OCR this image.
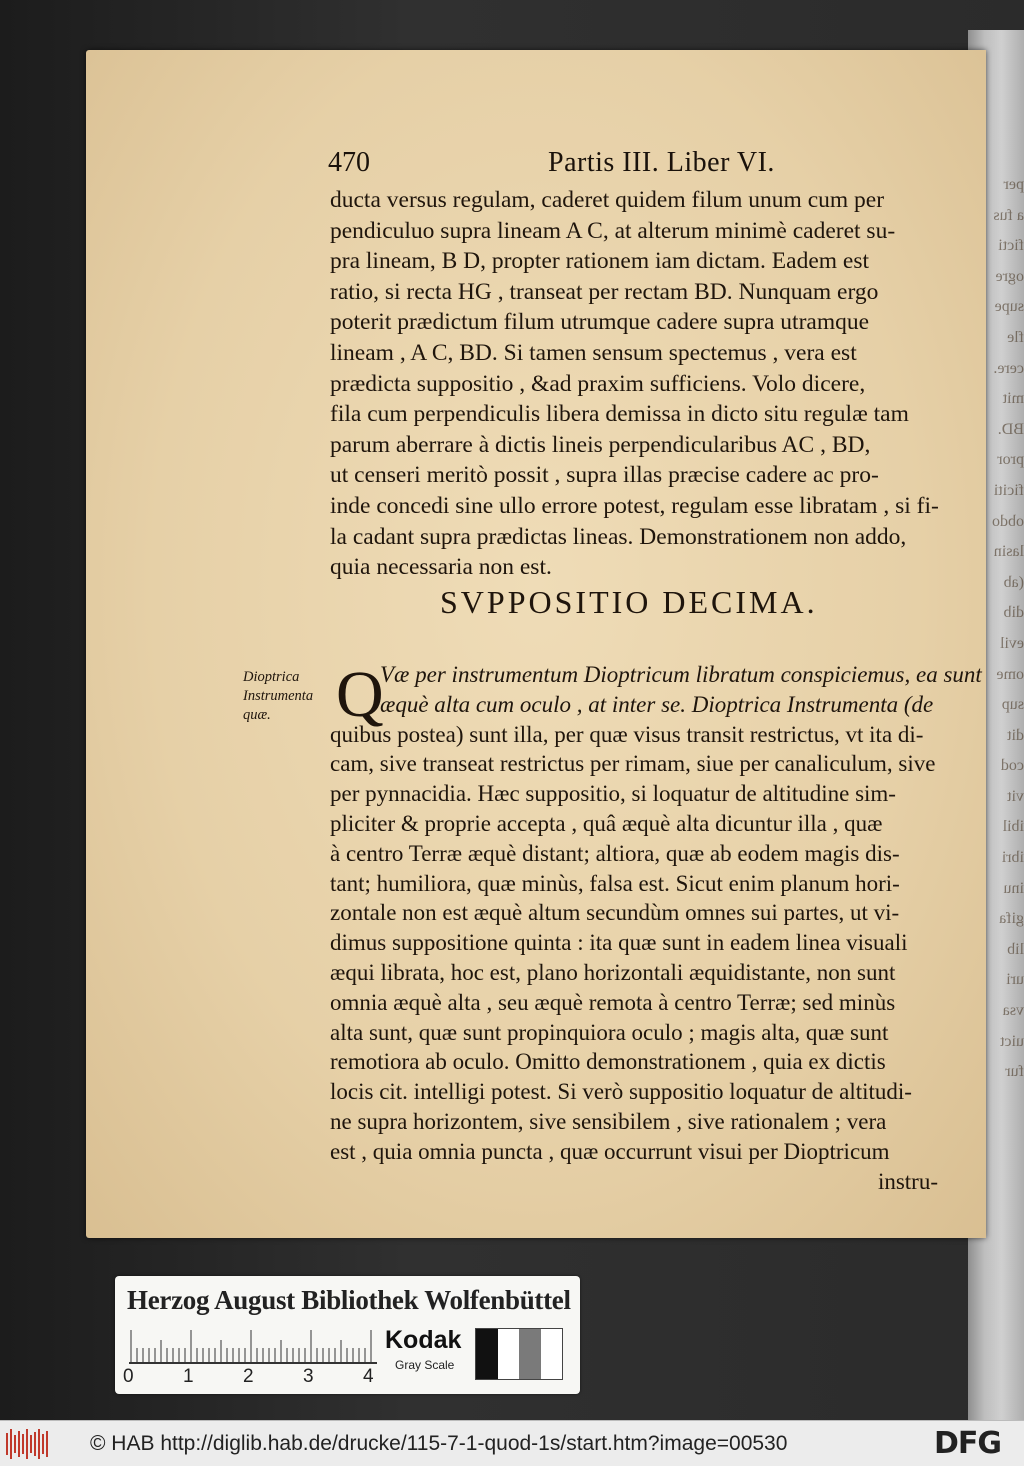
per
a fus
ficti
ogre
supe
fle
cere.
mit
BD.
pror
ficiti
obdo
lasin
(ab
dib
evil
ome
sup
dit
cod
vit
ibil
ibri
inu
gifa
lib
uri
vsa
uict
fur
470	Partis III. Liber VI.
ducta versus regulam, caderet quidem filum unum cum per
pendiculuo supra lineam A C, at alterum minimè caderet su-
pra lineam, B D, propter rationem iam dictam. Eadem est
ratio, si recta HG , transeat per rectam BD. Nunquam ergo
poterit prædictum filum utrumque cadere supra utramque
lineam , A C, BD. Si tamen sensum spectemus , vera est
prædicta suppositio , &ad praxim sufficiens. Volo dicere,
fila cum perpendiculis libera demissa in dicto situ regulæ tam
parum aberrare à dictis lineis perpendicularibus AC , BD,
ut censeri meritò possit , supra illas præcise cadere ac pro-
inde concedi sine ullo errore potest, regulam esse libratam , si fi-
la cadant supra prædictas lineas. Demonstrationem non addo,
quia necessaria non est.
SVPPOSITIO DECIMA.
Dioptrica
Instrumenta
quæ. Q
Væ per instrumentum Dioptricum libratum conspiciemus, ea sunt
æquè alta cum oculo , at inter se. Dioptrica Instrumenta (de
quibus postea) sunt illa, per quæ visus transit restrictus, vt ita di-
cam, sive transeat restrictus per rimam, siue per canaliculum, sive
per pynnacidia. Hæc suppositio, si loquatur de altitudine sim-
pliciter & proprie accepta , quâ æquè alta dicuntur illa , quæ
à centro Terræ æquè distant; altiora, quæ ab eodem magis dis-
tant; humiliora, quæ minùs, falsa est. Sicut enim planum hori-
zontale non est æquè altum secundùm omnes sui partes, ut vi-
dimus suppositione quinta : ita quæ sunt in eadem linea visuali
æqui librata, hoc est, plano horizontali æquidistante, non sunt
omnia æquè alta , seu æquè remota à centro Terræ; sed minùs
alta sunt, quæ sunt propinquiora oculo ; magis alta, quæ sunt
remotiora ab oculo. Omitto demonstrationem , quia ex dictis
locis cit. intelligi potest. Si verò suppositio loquatur de altitudi-
ne supra horizontem, sive sensibilem , sive rationalem ; vera
est , quia omnia puncta , quæ occurrunt visui per Dioptricum
instru-
Herzog August Bibliothek Wolfenbüttel
0	1	2	3	4
Kodak
Gray Scale
© HAB http://diglib.hab.de/drucke/115-7-1-quod-1s/start.htm?image=00530	DFG
